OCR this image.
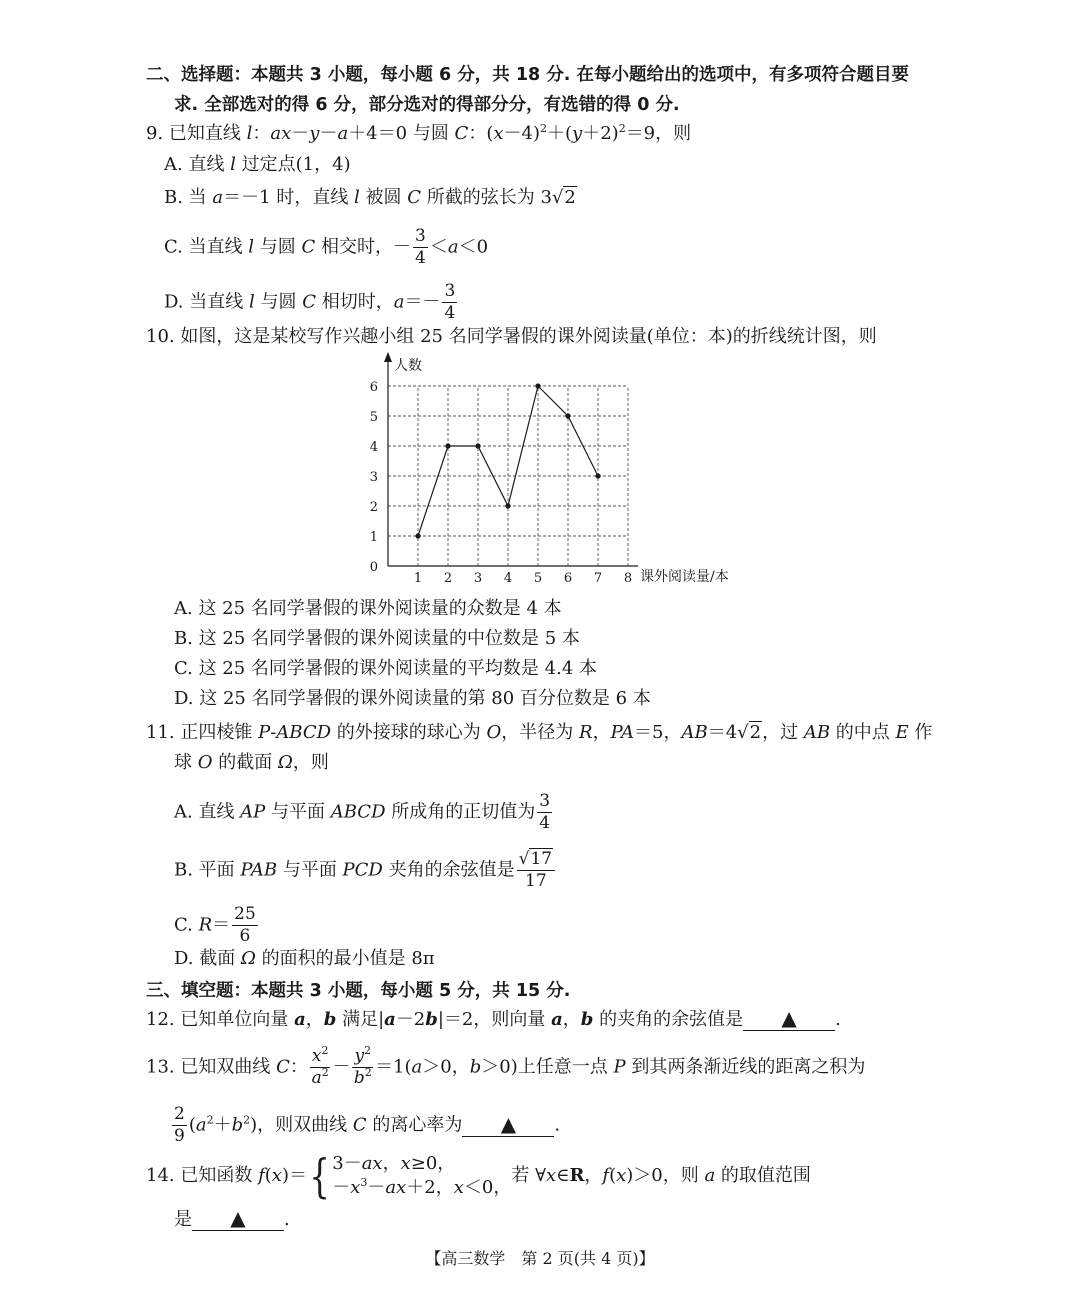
二、选择题：本题共 3 小题，每小题 6 分，共 18 分. 在每小题给出的选项中，有多项符合题目要
求. 全部选对的得 6 分，部分选对的得部分分，有选错的得 0 分.
9. 已知直线 l：ax－y－a＋4＝0 与圆 C：$(x-4)^2+(y+2)^2=9$，则
A. 直线 l 过定点(1，4)
B. 当 a＝－1 时，直线 l 被圆 C 所截的弦长为 3√2
C. 当直线 l 与圆 C 相交时，－ $\frac{3}{4} <a<0$
D. 当直线 l 与圆 C 相切时，$a=- \frac{3}{4}$
10. 如图，这是某校写作兴趣小组 25 名同学暑假的课外阅读量(单位：本)的折线统计图，则
人数
课外阅读量/本
1 2 3 4 5 6 7 8
0
1
2
3
4
5
6
A. 这 25 名同学暑假的课外阅读量的众数是 4 本
B. 这 25 名同学暑假的课外阅读量的中位数是 5 本
C. 这 25 名同学暑假的课外阅读量的平均数是 4.4 本
D. 这 25 名同学暑假的课外阅读量的第 80 百分位数是 6 本
11. 正四棱锥 P-ABCD 的外接球的球心为 O，半径为 R，PA＝5，AB＝4√2，过 AB 的中点 E 作
球 O 的截面 Ω，则
A. 直线 AP 与平面 ABCD 所成角的正切值为 $\frac{3}{4}$
B. 平面 PAB 与平面 PCD 夹角的余弦值是 $\frac{√17}{17}$
C. $R= \frac{25}{6}$
D. 截面 Ω 的面积的最小值是 8π
三、填空题：本题共 3 小题，每小题 5 分，共 15 分.
12. 已知单位向量 a，b 满足|a－2b|＝2，则向量 a，b 的夹角的余弦值是 ▲ .
13. 已知双曲线 C： $\frac{x^2}{a^2} - \frac{y^2}{b^2} =1(a>0$，b＞0)上任意一点 P 到其两条渐近线的距离之积为
$\frac{2}{9} (a^2+b^2)$，则双曲线 C 的离心率为 ▲ .
14. 已知函数 f(x)＝{ 3－ax，x≥0，
$-x^3-ax+2$，x＜0，
若 ∀x∈R，f(x)＞0，则 a 的取值范围
是 ▲ .
【高三数学　第 2 页(共 4 页)】
